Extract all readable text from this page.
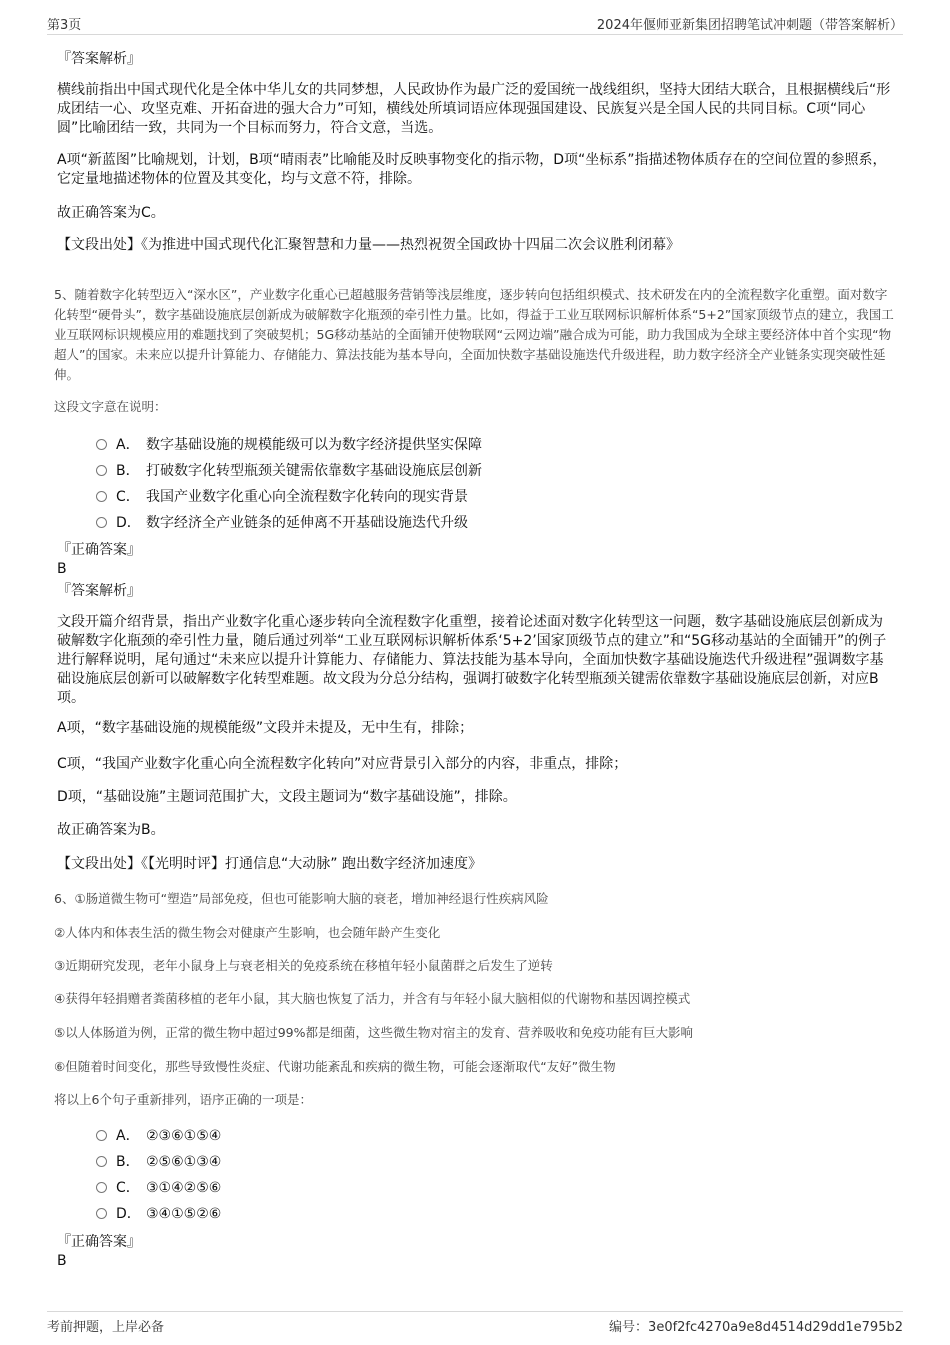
第3页	2024年偃师亚新集团招聘笔试冲刺题（带答案解析）

『答案解析』

横线前指出中国式现代化是全体中华儿女的共同梦想，人民政协作为最广泛的爱国统一战线组织，坚持大团结大联合，且根据横线后“形成团结一心、攻坚克难、开拓奋进的强大合力”可知，横线处所填词语应体现强国建设、民族复兴是全国人民的共同目标。C项“同心圆”比喻团结一致，共同为一个目标而努力，符合文意，当选。

A项“新蓝图”比喻规划，计划，B项“晴雨表”比喻能及时反映事物变化的指示物，D项“坐标系”指描述物体质存在的空间位置的参照系，它定量地描述物体的位置及其变化，均与文意不符，排除。

故正确答案为C。

【文段出处】《为推进中国式现代化汇聚智慧和力量——热烈祝贺全国政协十四届二次会议胜利闭幕》

5、随着数字化转型迈入“深水区”，产业数字化重心已超越服务营销等浅层维度，逐步转向包括组织模式、技术研发在内的全流程数字化重塑。面对数字化转型“硬骨头”，数字基础设施底层创新成为破解数字化瓶颈的牵引性力量。比如，得益于工业互联网标识解析体系“5+2”国家顶级节点的建立，我国工业互联网标识规模应用的难题找到了突破契机；5G移动基站的全面铺开使物联网“云网边端”融合成为可能，助力我国成为全球主要经济体中首个实现“物超人”的国家。未来应以提升计算能力、存储能力、算法技能为基本导向，全面加快数字基础设施迭代升级进程，助力数字经济全产业链条实现突破性延伸。

这段文字意在说明：

A． 数字基础设施的规模能级可以为数字经济提供坚实保障
B． 打破数字化转型瓶颈关键需依靠数字基础设施底层创新
C． 我国产业数字化重心向全流程数字化转向的现实背景
D． 数字经济全产业链条的延伸离不开基础设施迭代升级

『正确答案』

B

『答案解析』

文段开篇介绍背景，指出产业数字化重心逐步转向全流程数字化重塑，接着论述面对数字化转型这一问题，数字基础设施底层创新成为破解数字化瓶颈的牵引性力量，随后通过列举“工业互联网标识解析体系‘5+2’国家顶级节点的建立”和“5G移动基站的全面铺开”的例子进行解释说明，尾句通过“未来应以提升计算能力、存储能力、算法技能为基本导向，全面加快数字基础设施迭代升级进程”强调数字基础设施底层创新可以破解数字化转型难题。故文段为分总分结构，强调打破数字化转型瓶颈关键需依靠数字基础设施底层创新，对应B项。

A项，“数字基础设施的规模能级”文段并未提及，无中生有，排除；

C项，“我国产业数字化重心向全流程数字化转向”对应背景引入部分的内容，非重点，排除；

D项，“基础设施”主题词范围扩大，文段主题词为“数字基础设施”，排除。

故正确答案为B。

【文段出处】《【光明时评】打通信息“大动脉” 跑出数字经济加速度》

6、①肠道微生物可“塑造”局部免疫，但也可能影响大脑的衰老，增加神经退行性疾病风险

②人体内和体表生活的微生物会对健康产生影响，也会随年龄产生变化

③近期研究发现，老年小鼠身上与衰老相关的免疫系统在移植年轻小鼠菌群之后发生了逆转

④获得年轻捐赠者粪菌移植的老年小鼠，其大脑也恢复了活力，并含有与年轻小鼠大脑相似的代谢物和基因调控模式

⑤以人体肠道为例，正常的微生物中超过99%都是细菌，这些微生物对宿主的发育、营养吸收和免疫功能有巨大影响

⑥但随着时间变化，那些导致慢性炎症、代谢功能紊乱和疾病的微生物，可能会逐渐取代“友好”微生物

将以上6个句子重新排列，语序正确的一项是：

A． ②③⑥①⑤④
B． ②⑤⑥①③④
C． ③①④②⑤⑥
D． ③④①⑤②⑥

『正确答案』

B

考前押题，上岸必备	编号：3e0f2fc4270a9e8d4514d29dd1e795b2
